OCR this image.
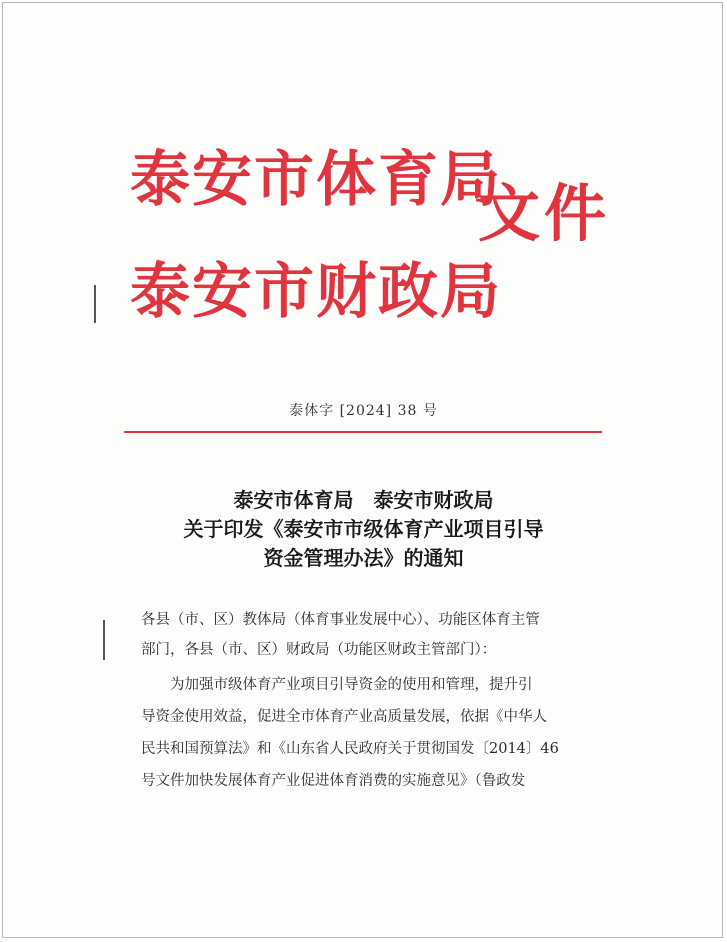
泰安市体育局
泰安市财政局
文件
泰体字 [2024] 38 号
泰安市体育局　泰安市财政局
关于印发《泰安市市级体育产业项目引导
资金管理办法》的通知
各县（市、区）教体局（体育事业发展中心）、功能区体育主管
部门，各县（市、区）财政局（功能区财政主管部门）：
　　为加强市级体育产业项目引导资金的使用和管理，提升引
导资金使用效益，促进全市体育产业高质量发展，依据《中华人
民共和国预算法》和《山东省人民政府关于贯彻国发〔2014〕46
号文件加快发展体育产业促进体育消费的实施意见》（鲁政发
